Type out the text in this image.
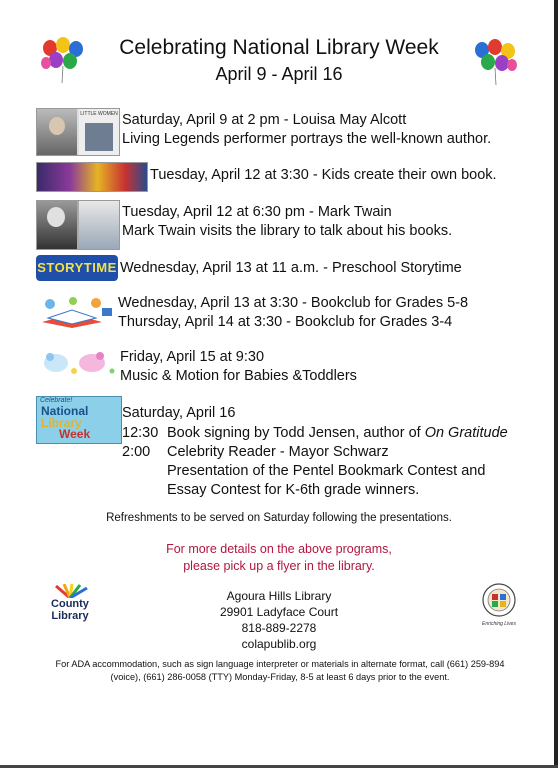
Celebrating National Library Week
April 9 - April 16
LITTLE WOMEN Saturday, April 9 at 2 pm - Louisa May Alcott
Living Legends performer portrays the well-known author.
Tuesday, April 12 at 3:30 - Kids create their own book.
Tuesday, April 12 at 6:30 pm - Mark Twain
Mark Twain visits the library to talk about his books.
STORYTIME Wednesday, April 13 at 11 a.m. - Preschool Storytime
Wednesday, April 13 at 3:30 - Bookclub for Grades 5-8
Thursday, April 14 at 3:30 - Bookclub for Grades 3-4
Friday, April 15 at 9:30
Music & Motion for Babies &Toddlers
Celebrate!
National
Library
Week
Saturday, April 16
12:30 Book signing by Todd Jensen, author of On Gratitude
2:00 Celebrity Reader - Mayor Schwarz
Presentation of the Pentel Bookmark Contest and
Essay Contest for K-6th grade winners.
Refreshments to be served on Saturday following the presentations.
For more details on the above programs,
please pick up a flyer in the library.
County
Library
Agoura Hills Library
29901 Ladyface Court
818-889-2278
colapublib.org
Enriching Lives
For ADA accommodation, such as sign language interpreter or materials in alternate format, call (661) 259-894
(voice), (661) 286-0058 (TTY) Monday-Friday, 8-5 at least 6 days prior to the event.
